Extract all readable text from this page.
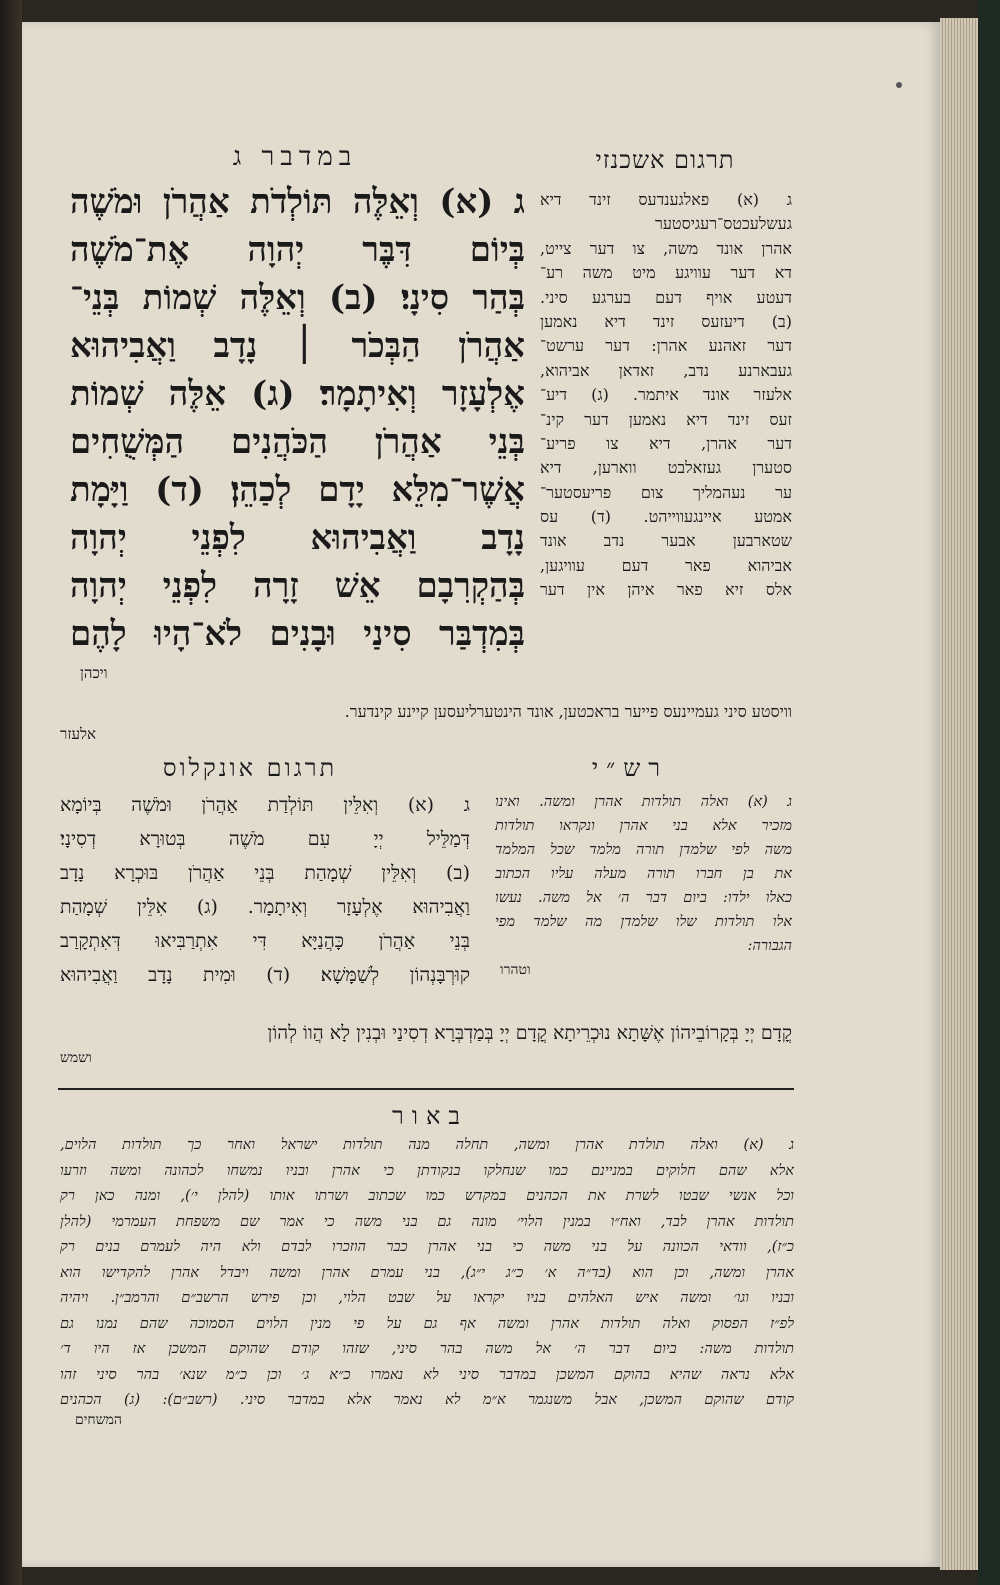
במדבר ג
ג (א) וְאֵלֶּה תּוֹלְדֹת אַהֲרֹן וּמֹשֶׁה
בְּיוֹם דִּבֶּר יְהוָה אֶת־מֹשֶׁה
בְּהַר סִינָי׃ (ב) וְאֵלֶּה שְׁמוֹת בְּנֵי־
אַהֲרֹן הַבְּכֹר ׀ נָדָב וַאֲבִיהוּא
אֶלְעָזָר וְאִיתָמָר׃ (ג) אֵלֶּה שְׁמוֹת
בְּנֵי אַהֲרֹן הַכֹּהֲנִים הַמְּשֻׁחִים
אֲשֶׁר־מִלֵּא יָדָם לְכַהֵן׃ (ד) וַיָּמָת
נָדָב וַאֲבִיהוּא לִפְנֵי יְהוָה
בְּהַקְרִבָם אֵשׁ זָרָה לִפְנֵי יְהוָה
בְּמִדְבַּר סִינַי וּבָנִים לֹא־הָיוּ לָהֶם
ויכהן
תרגום אשכנזי
ג (א) פאלגענדעס זינד דיא
געשלעכטס־רעגיסטער
אהרן אונד משה, צו דער צייט,
דא דער עוויגע מיט משה רע־
דעטע אויף דעם בערגע סיני.
(ב) דיעזעס זינד דיא נאמען
דער זאהנע אהרן: דער ערשט־
געבארנע נדב, זאדאן אביהוא,
אלעזר אונד איתמר. (ג) דיע־
זעס זינד דיא נאמען דער קינ־
דער אהרן, דיא צו פריע־
סטערן געזאלבט ווארען, דיא
ער נעהמליך צום פריעסטער־
אמטע איינגעווייהט. (ד) עס
שטארבען אבער נדב אונד
אביהוא פאר דעם עוויגען,
אלס זיא פאר איהן אין דער
וויסטע סיני געמיינעס פייער בראכטען, אונד הינטערליעסען קיינע קינדער.
אלעזר
תרגום אונקלוס
ג (א) וְאִלֵּין תּוֹלְדַת אַהֲרֹן וּמֹשֶׁה בְּיוֹמָא
דְּמַלֵּיל יְיָ עִם מֹשֶׁה בְּטוּרָא דְסִינָי׃
(ב) וְאִלֵּין שְׁמָהַת בְּנֵי אַהֲרֹן בּוּכְרָא נָדָב
וַאֲבִיהוּא אֶלְעָזָר וְאִיתָמָר. (ג) אִלֵּין שְׁמָהַת
בְּנֵי אַהֲרֹן כָּהֲנַיָּא דִּי אִתְרַבִּיאוּ דְּאִתְקָרַב
קוּרְבָּנְהוֹן לְשַׁמָּשָׁא׃ (ד) וּמִית נָדָב וַאֲבִיהוּא
רש״י
ג (א) ואלה תולדות אהרן ומשה. ואינו
מזכיר אלא בני אהרן ונקראו תולדות
משה לפי שלמדן תורה מלמד שכל המלמד
את בן חברו תורה מעלה עליו הכתוב
כאלו ילדו: ביום דבר ה׳ אל משה. נעשו
אלו תולדות שלו שלמדן מה שלמד מפי
הגבורה:
וטהרו
קֳדָם יְיָ בְּקָרוֹבֵיהוֹן אֶשָּׁתָא נוּכְרֵיתָא קֳדָם יְיָ בְּמַדְבְּרָא דְסִינַי וּבְנִין לָא הֲווֹ לְהוֹן
ושמש
באור
ג (א) ואלה תולדת אהרן ומשה, תחלה מנה תולדות ישראל ואחר כך תולדות הלוים,
אלא שהם חלוקים במניינם כמו שנחלקו בנקודתן כי אהרן ובניו נמשחו לכהונה ומשה וזרעו
וכל אנשי שבטו לשרת את הכהנים במקדש כמו שכתוב ושרתו אותו (להלן י׳), ומנה כאן רק
תולדות אהרן לבד, ואח״ו במנין הלוי׳ מונה גם בני משה כי אמר שם משפחת העמרמי (להלן
כ״ז), וודאי הכוונה על בני משה כי בני אהרן כבר הוזכרו לבדם ולא היה לעמרם בנים רק
אהרן ומשה, וכן הוא (בד״ה א׳ כ״ג י״ג), בני עמרם אהרן ומשה ויבדל אהרן להקדישו הוא
ובניו וגו׳ ומשה איש האלהים בניו יקראו על שבט הלוי, וכן פירש הרשב״ם והרמב״ן. ויהיה
לפ״ז הפסוק ואלה תולדות אהרן ומשה אף גם על פי מנין הלוים הסמוכה שהם נמנו גם
תולדות משה: ביום דבר ה׳ אל משה בהר סיני, שזהו קודם שהוקם המשכן אז היו ד׳
אלא נראה שהיא בהוקם המשכן במדבר סיני לא נאמרו כ״א ג׳ וכן כ״מ שנא׳ בהר סיני זהו
קודם שהוקם המשכן, אבל משנגמר א״מ לא נאמר אלא במדבר סיני. (רשב״ם): (ג) הכהנים
המשחים
